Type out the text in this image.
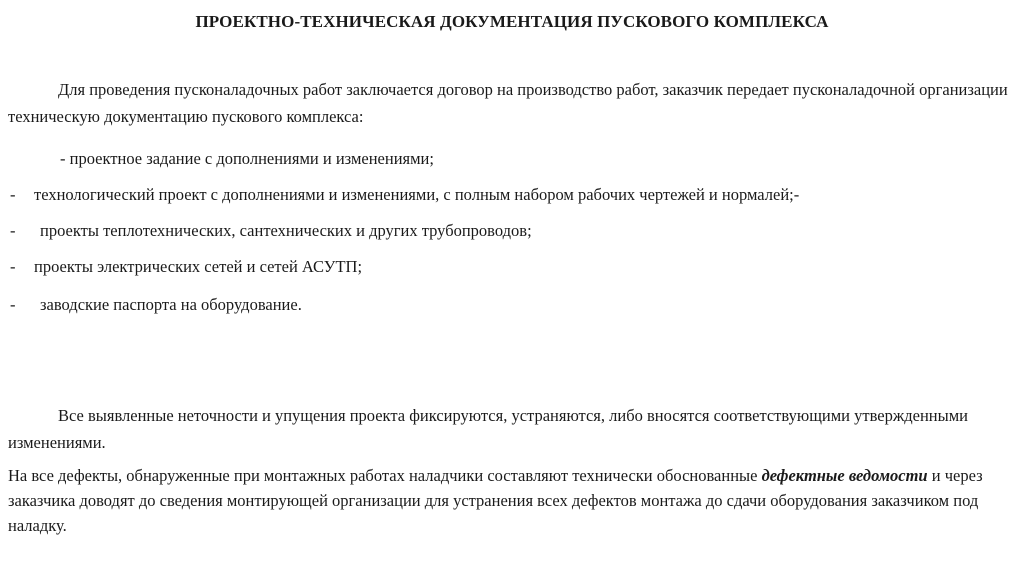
ПРОЕКТНО-ТЕХНИЧЕСКАЯ ДОКУМЕНТАЦИЯ ПУСКОВОГО КОМПЛЕКСА

Для проведения пусконаладочных работ заключается договор на производство работ, заказчик передает пусконаладочной организации техническую документацию пускового комплекса:

- проектное задание с дополнениями и изменениями;
- технологический проект с дополнениями и изменениями, с полным набором рабочих чертежей и нормалей;-
- проекты теплотехнических, сантехнических и других трубопроводов;
- проекты электрических сетей и сетей АСУТП;
- заводские паспорта на оборудование.

Все выявленные неточности и упущения проекта фиксируются, устраняются, либо вносятся соответствующими утвержденными изменениями.

На все дефекты, обнаруженные при монтажных работах наладчики составляют технически обоснованные дефектные ведомости и через заказчика доводят до сведения монтирующей организации для устранения всех дефектов монтажа до сдачи оборудования заказчиком под наладку.
